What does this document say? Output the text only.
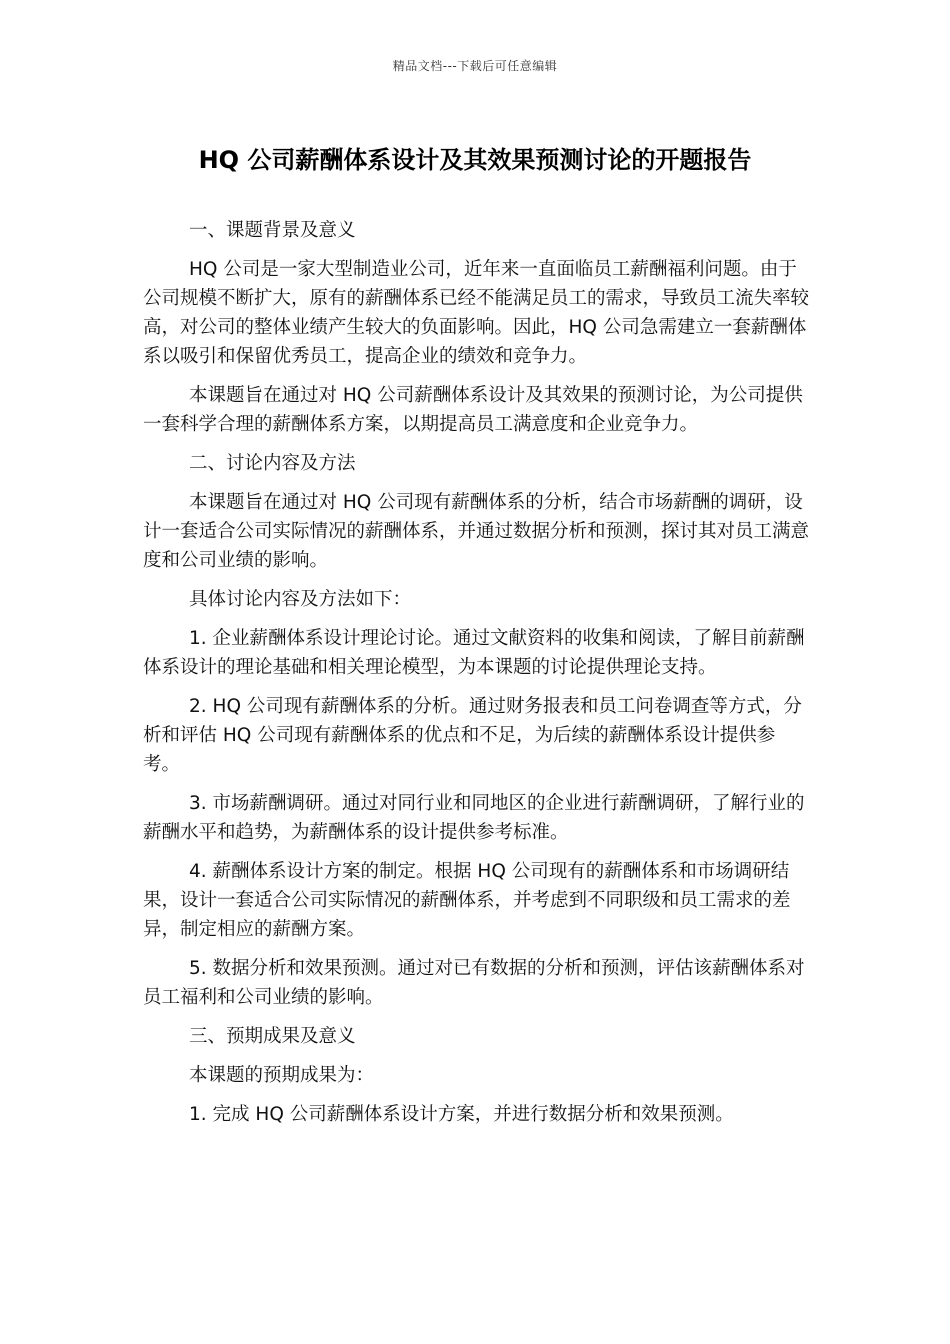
精品文档---下载后可任意编辑
HQ 公司薪酬体系设计及其效果预测讨论的开题报告
一、课题背景及意义

HQ 公司是一家大型制造业公司，近年来一直面临员工薪酬福利问题。由于公司规模不断扩大，原有的薪酬体系已经不能满足员工的需求，导致员工流失率较高，对公司的整体业绩产生较大的负面影响。因此，HQ 公司急需建立一套薪酬体系以吸引和保留优秀员工，提高企业的绩效和竞争力。

本课题旨在通过对 HQ 公司薪酬体系设计及其效果的预测讨论，为公司提供一套科学合理的薪酬体系方案，以期提高员工满意度和企业竞争力。

二、讨论内容及方法

本课题旨在通过对 HQ 公司现有薪酬体系的分析，结合市场薪酬的调研，设计一套适合公司实际情况的薪酬体系，并通过数据分析和预测，探讨其对员工满意度和公司业绩的影响。

具体讨论内容及方法如下：

1. 企业薪酬体系设计理论讨论。通过文献资料的收集和阅读，了解目前薪酬体系设计的理论基础和相关理论模型，为本课题的讨论提供理论支持。

2. HQ 公司现有薪酬体系的分析。通过财务报表和员工问卷调查等方式，分析和评估 HQ 公司现有薪酬体系的优点和不足，为后续的薪酬体系设计提供参考。

3. 市场薪酬调研。通过对同行业和同地区的企业进行薪酬调研，了解行业的薪酬水平和趋势，为薪酬体系的设计提供参考标准。

4. 薪酬体系设计方案的制定。根据 HQ 公司现有的薪酬体系和市场调研结果，设计一套适合公司实际情况的薪酬体系，并考虑到不同职级和员工需求的差异，制定相应的薪酬方案。

5. 数据分析和效果预测。通过对已有数据的分析和预测，评估该薪酬体系对员工福利和公司业绩的影响。

三、预期成果及意义

本课题的预期成果为：

1. 完成 HQ 公司薪酬体系设计方案，并进行数据分析和效果预测。
